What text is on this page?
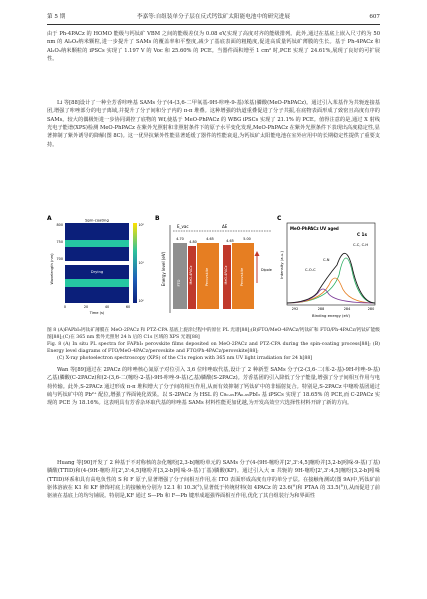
第 5 期	李嘉等:自组装单分子层在反式钙钛矿太阳能电池中的研究进展	607

由于 Ph-4PACz 的 HOMO 能级与钙钛矿 VBM 之间的能级差仅为 0.08 eV,实现了高度对齐的能级排列。此外,通过在基底上嵌入尺寸约为 50 nm 的 Al₂O₃纳米颗粒,进一步提升了 SAMs 的覆盖率和平整度,减少了基底表面的粗糙度,促进高质量钙钛矿薄膜的生长。基于 Ph-4PACz 和 Al₂O₃纳米颗粒的 iPSCs 实现了 1.197 V 的 Voc 和 25.60% 的 PCE。当器件面积增至 1 cm² 时,PCE 实现了 24.61%,展现了良好的可扩展性。

Li 等[88]设计了一种全芳香咔唑基 SAMs 分子(4-(3,6-二甲氧基-9H-咔唑-9-基)苯基)膦酸(MeO-PhPACz)。通过引入苯基作为共轭连接基团,增强了咔唑部分的电子离域,并提升了分子间和分子内的 π-π 堆叠。这种增强的轨道重叠促进了分子共振,在底物表面形成了致密且高度有序的 SAMs。较大的偶极矩进一步协同调控了底物的 Wf,使基于 MeO-PhPACz 的 WBG iPSCs 实现了 21.1% 的 PCE。值得注意的是,通过 X 射线光电子能谱(XPS)检测 MeO-PhPACz 在紫外光照射和非照射条件下的原子水平变化发现,MeO-PhPACz 在紫外光照条件下表现出高度稳定性,显著抑制了紫外诱导的降解(图 8C)。这一优异抗紫外性能显著延缓了器件的性能衰退,为钙钛矿太阳能电池在室外应用中的长期稳定性提供了重要支持。

A
Wavelength (nm)
Spin-coating
Drying
800
750
700
0	20	40	60
Time (s)
10²
10¹
10⁰
B
Energy level (eV)
E_vac	ΔE
FTO MeO-4PACz	Perovskite	MeO-4PACz	Perovskite
4.70
4.80
4.65	4.65	5.00
Dipole
C
Intensity (a.u.)
MeO-PhPACz UV aged
C 1s
C-O-C
C-N
C-C, C-H
292	288	284	280
Binding energy (eV)

图 8 (A)FAPbI₃钙钛矿薄膜在 MeO-2PACz 和 PTZ-CPA 基底上旋涂过程中的原位 PL 光谱[88];(B)FTO/MeO-4PACz/钙钛矿和 FTO/Ph-4PACz/钙钛矿能级图[88];(C)在 365 nm 紫外光照射 24 h 后的 C1s 区域的 XPS 光谱[88]

Fig. 8 (A) In situ PL spectra for FAPbI₃ perovskite films deposited on MeO-2PACz and PTZ-CPA during the spin-coating process[88]; (B) Energy level diagrams of FTO/MeO-4PACz/perovskite and FTO/Ph-4PACz/perovskite[88];

(C) X-ray photoelectron spectroscopy (XPS) of the C1s region with 365 nm UV light irradiation for 24 h[88]

Wan 等[89]通过在 2PACz 的咔唑核心氮原子对位引入 3,6 位咔唑取代基,设计了 2 种新型 SAMs 分子(2-(3,6-二(苯-2-基)-9H-咔唑-9-基)乙基)膦酸(C-2PACz)和(2-(3,6-二(噻吩-2-基)-9H-咔唑-9-基)乙基)膦酸(S-2PACz)。芳香基团的引入降低了分子能量,增强了分子间相互作用与电荷传输。此外,S-2PACz 通过形成 π-π 堆积增大了分子间的相互作用,从而有效抑制了钙钛矿中的非辐射复合。特别是,S-2PACz 中噻吩基团通过硫与钙钛矿中的 Pb²⁺ 配位,增强了界面钝化效果。以 S-2PACz 为 HSL 的 Cs₀.₀₅FA₀.₉₅PbI₃ 基 iPSCs 实现了 18.65% 的 PCE,而 C-2PACz 实现的 PCE 为 18.16%。这表明具有芳香杂环取代基的咔唑基 SAMs 材料性能更加优越,为开发高效空穴选择性材料开辟了新的方向。

Huang 等[90]开发了 2 种基于不对称核的杂化噻吩[2,3-b]噻吩单元的 SAMs 分子(4-(9H-噻吩并[2',3':4,5]噻吩并[3,2-b]吲哚-9-基)丁基)膦酸(TTID)和(4-(9H-噻吩并[2',3':4,5]噻吩并[3,2-b]吲哚-9-基)丁基)膦酸(KF)。通过引入大 π 共轭的 9H-噻吩[2',3':4,5]噻吩[3,2-b]吲哚(TTID)环系和具有高电负性的 S 和 F 原子,显著增强了分子间相互作用,在 ITO 表面形成高度有序的单分子层。在接触角测试(图 9A)中,钙钛矿前驱体溶液在 K1 和 KF 修饰衬底上的接触角分别为 12.1 和 10.3(°),显著低于传统材料(如 4PACz 的 23.6(°)和 PTAA 的 33.5(°)),从而促进了前驱液在基底上的均匀铺展。特别是,KF 通过 S—Pb 和 F—Pb 键形成超强界面相互作用,优化了其自组装行为和界面性
